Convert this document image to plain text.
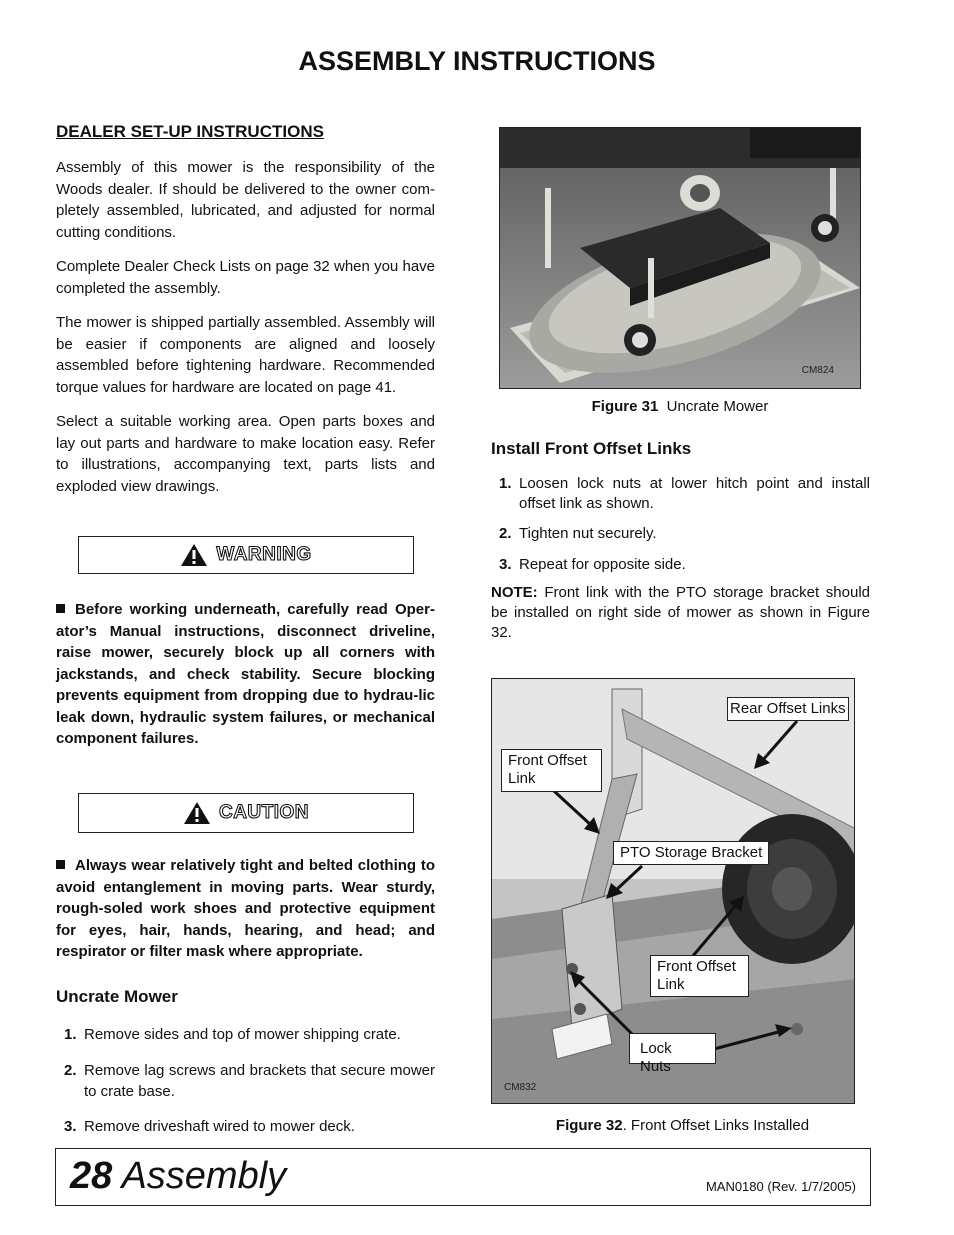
ASSEMBLY INSTRUCTIONS
DEALER SET-UP INSTRUCTIONS

Assembly of this mower is the responsibility of the Woods dealer. If should be delivered to the owner com-pletely assembled, lubricated, and adjusted for normal cutting conditions.

Complete Dealer Check Lists on page 32 when you have completed the assembly.

The mower is shipped partially assembled. Assembly will be easier if components are aligned and loosely assembled before tightening hardware. Recommended torque values for hardware are located on page 41.

Select a suitable working area. Open parts boxes and lay out parts and hardware to make location easy. Refer to illustrations, accompanying text, parts lists and exploded view drawings.

WARNING

Before working underneath, carefully read Oper-ator’s Manual instructions, disconnect driveline, raise mower, securely block up all corners with jackstands, and check stability. Secure blocking prevents equipment from dropping due to hydrau-lic leak down, hydraulic system failures, or mechanical component failures.

CAUTION

Always wear relatively tight and belted clothing to avoid entanglement in moving parts. Wear sturdy, rough-soled work shoes and protective equipment for eyes, hair, hands, hearing, and head; and respirator or filter mask where appropriate.

Uncrate Mower
1. Remove sides and top of mower shipping crate.
2. Remove lag screws and brackets that secure mower to crate base.
3. Remove driveshaft wired to mower deck.
CM824
Figure 31 Uncrate Mower
Install Front Offset Links
1. Loosen lock nuts at lower hitch point and install offset link as shown.
2. Tighten nut securely.
3. Repeat for opposite side.

NOTE: Front link with the PTO storage bracket should be installed on right side of mower as shown in Figure 32.

Rear Offset Links
Front Offset Link
PTO Storage Bracket
Front Offset Link
Lock Nuts
CM832
Figure 32. Front Offset Links Installed
28 Assembly	MAN0180 (Rev. 1/7/2005)
